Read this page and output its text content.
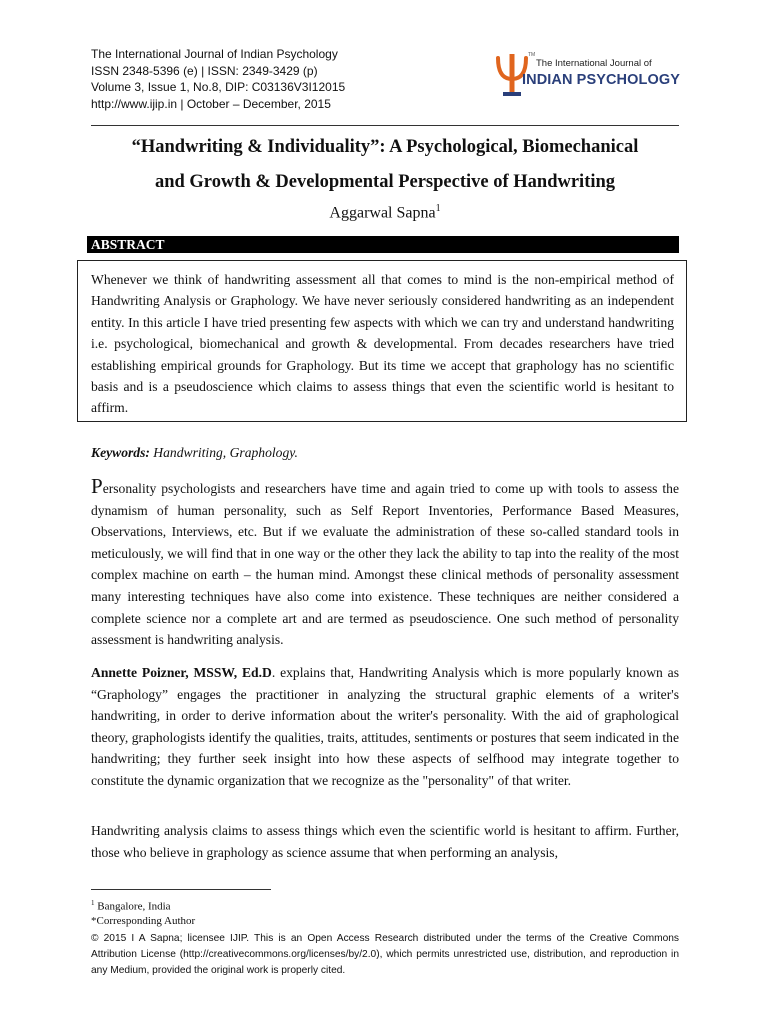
The International Journal of Indian Psychology
ISSN 2348-5396 (e) | ISSN: 2349-3429 (p)
Volume 3, Issue 1, No.8, DIP: C03136V3I12015
http://www.ijip.in | October – December, 2015
The International Journal of
INDIAN PSYCHOLOGY
TM
“Handwriting & Individuality”: A Psychological, Biomechanical
and Growth & Developmental Perspective of Handwriting
Aggarwal Sapna$^1$
ABSTRACT
Whenever we think of handwriting assessment all that comes to mind is the non-empirical method of Handwriting Analysis or Graphology. We have never seriously considered handwriting as an independent entity. In this article I have tried presenting few aspects with which we can try and understand handwriting i.e. psychological, biomechanical and growth & developmental. From decades researchers have tried establishing empirical grounds for Graphology. But its time we accept that graphology has no scientific basis and is a pseudoscience which claims to assess things that even the scientific world is hesitant to affirm.
Keywords: Handwriting, Graphology.
Personality psychologists and researchers have time and again tried to come up with tools to assess the dynamism of human personality, such as Self Report Inventories, Performance Based Measures, Observations, Interviews, etc. But if we evaluate the administration of these so-called standard tools in meticulously, we will find that in one way or the other they lack the ability to tap into the reality of the most complex machine on earth – the human mind. Amongst these clinical methods of personality assessment many interesting techniques have also come into existence. These techniques are neither considered a complete science nor a complete art and are termed as pseudoscience. One such method of personality assessment is handwriting analysis.
Annette Poizner, MSSW, Ed.D. explains that, Handwriting Analysis which is more popularly known as “Graphology” engages the practitioner in analyzing the structural graphic elements of a writer's handwriting, in order to derive information about the writer's personality. With the aid of graphological theory, graphologists identify the qualities, traits, attitudes, sentiments or postures that seem indicated in the handwriting; they further seek insight into how these aspects of selfhood may integrate together to constitute the dynamic organization that we recognize as the "personality" of that writer.
Handwriting analysis claims to assess things which even the scientific world is hesitant to affirm. Further, those who believe in graphology as science assume that when performing an analysis,
$^1$ Bangalore, India
*Corresponding Author
© 2015 I A Sapna; licensee IJIP. This is an Open Access Research distributed under the terms of the Creative Commons Attribution License (http://creativecommons.org/licenses/by/2.0), which permits unrestricted use, distribution, and reproduction in any Medium, provided the original work is properly cited.
